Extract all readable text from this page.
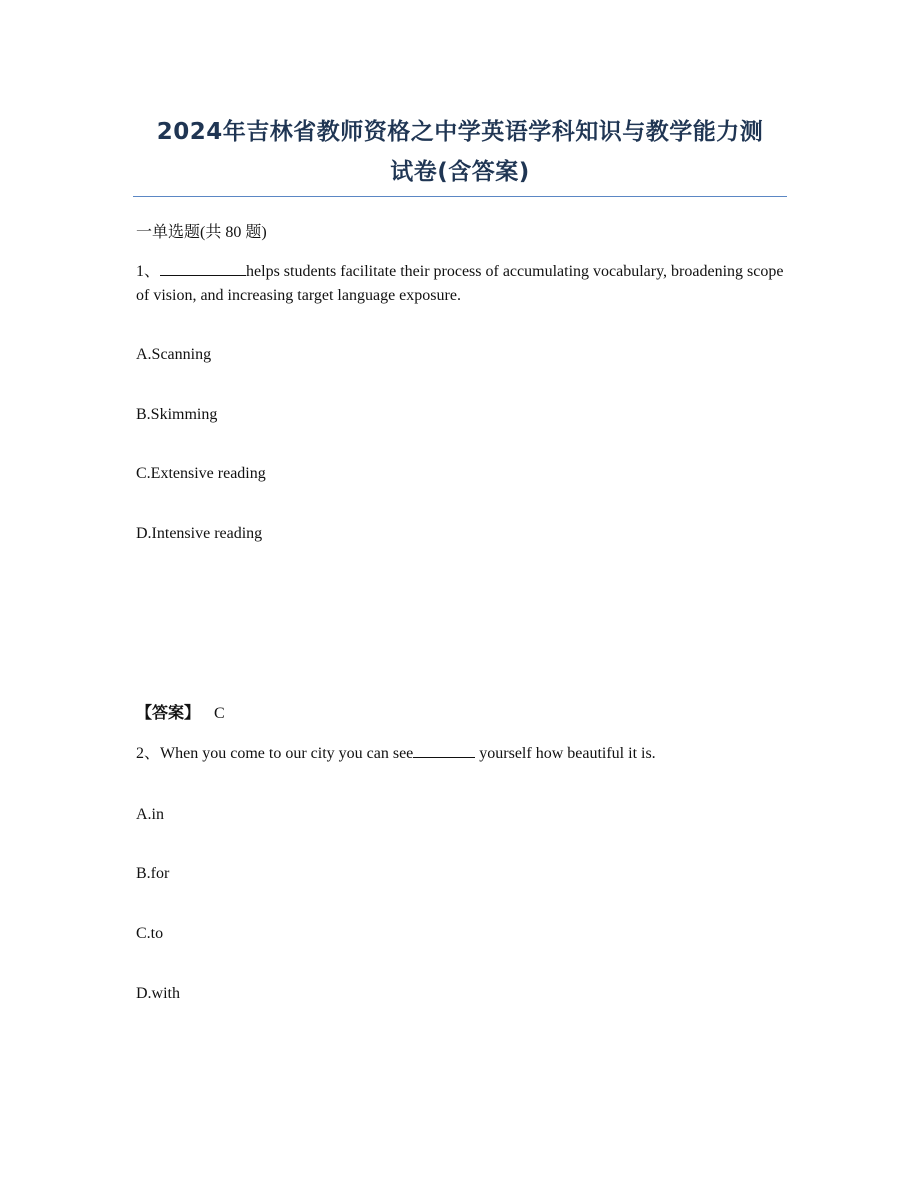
2024年吉林省教师资格之中学英语学科知识与教学能力测
试卷(含答案)
一单选题(共 80 题)
1、	helps students facilitate their process of accumulating vocabulary, broadening scope of vision, and increasing target language exposure.
A.Scanning
B.Skimming
C.Extensive reading
D.Intensive reading
【答案】 C
2、When you come to our city you can see	yourself how beautiful it is.
A.in
B.for
C.to
D.with
